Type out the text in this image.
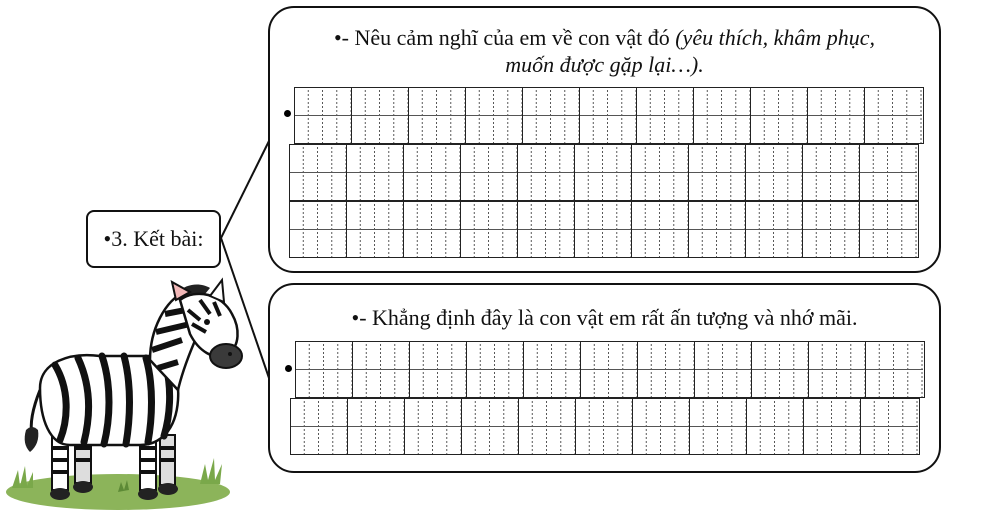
•3. Kết bài:
•- Nêu cảm nghĩ của em về con vật đó (yêu thích, khâm phục,
muốn được gặp lại…).
•- Khẳng định đây là con vật em rất ấn tượng và nhớ mãi.
